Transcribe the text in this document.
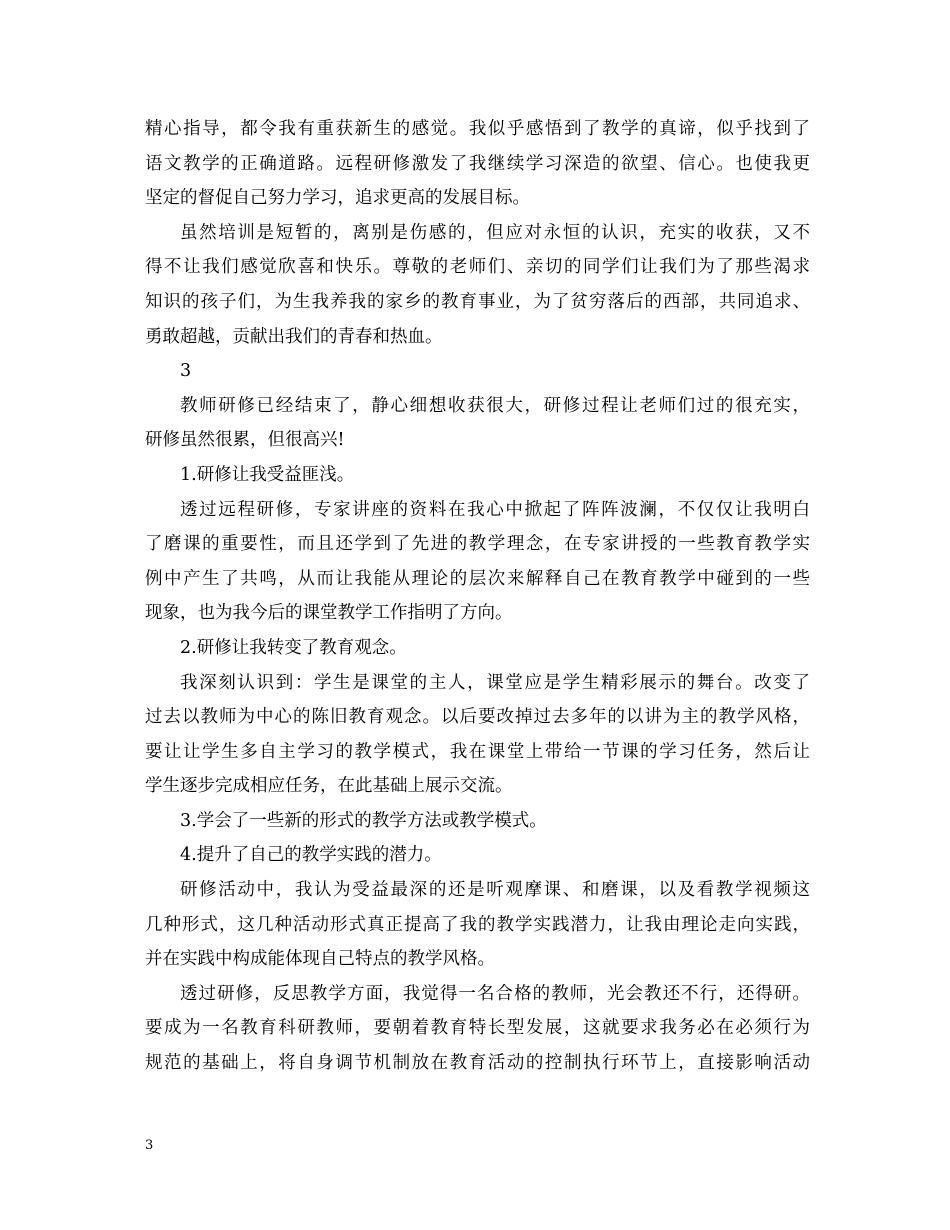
精心指导，都令我有重获新生的感觉。我似乎感悟到了教学的真谛，似乎找到了
语文教学的正确道路。远程研修激发了我继续学习深造的欲望、信心。也使我更
坚定的督促自己努力学习，追求更高的发展目标。
虽然培训是短暂的，离别是伤感的，但应对永恒的认识，充实的收获，又不
得不让我们感觉欣喜和快乐。尊敬的老师们、亲切的同学们让我们为了那些渴求
知识的孩子们，为生我养我的家乡的教育事业，为了贫穷落后的西部，共同追求、
勇敢超越，贡献出我们的青春和热血。
3
教师研修已经结束了，静心细想收获很大，研修过程让老师们过的很充实，
研修虽然很累，但很高兴!
1.研修让我受益匪浅。
透过远程研修，专家讲座的资料在我心中掀起了阵阵波澜，不仅仅让我明白
了磨课的重要性，而且还学到了先进的教学理念，在专家讲授的一些教育教学实
例中产生了共鸣，从而让我能从理论的层次来解释自己在教育教学中碰到的一些
现象，也为我今后的课堂教学工作指明了方向。
2.研修让我转变了教育观念。
我深刻认识到：学生是课堂的主人，课堂应是学生精彩展示的舞台。改变了
过去以教师为中心的陈旧教育观念。以后要改掉过去多年的以讲为主的教学风格，
要让让学生多自主学习的教学模式，我在课堂上带给一节课的学习任务，然后让
学生逐步完成相应任务，在此基础上展示交流。
3.学会了一些新的形式的教学方法或教学模式。
4.提升了自己的教学实践的潜力。
研修活动中，我认为受益最深的还是听观摩课、和磨课，以及看教学视频这
几种形式，这几种活动形式真正提高了我的教学实践潜力，让我由理论走向实践，
并在实践中构成能体现自己特点的教学风格。
透过研修，反思教学方面，我觉得一名合格的教师，光会教还不行，还得研。
要成为一名教育科研教师，要朝着教育特长型发展，这就要求我务必在必须行为
规范的基础上，将自身调节机制放在教育活动的控制执行环节上，直接影响活动
3
